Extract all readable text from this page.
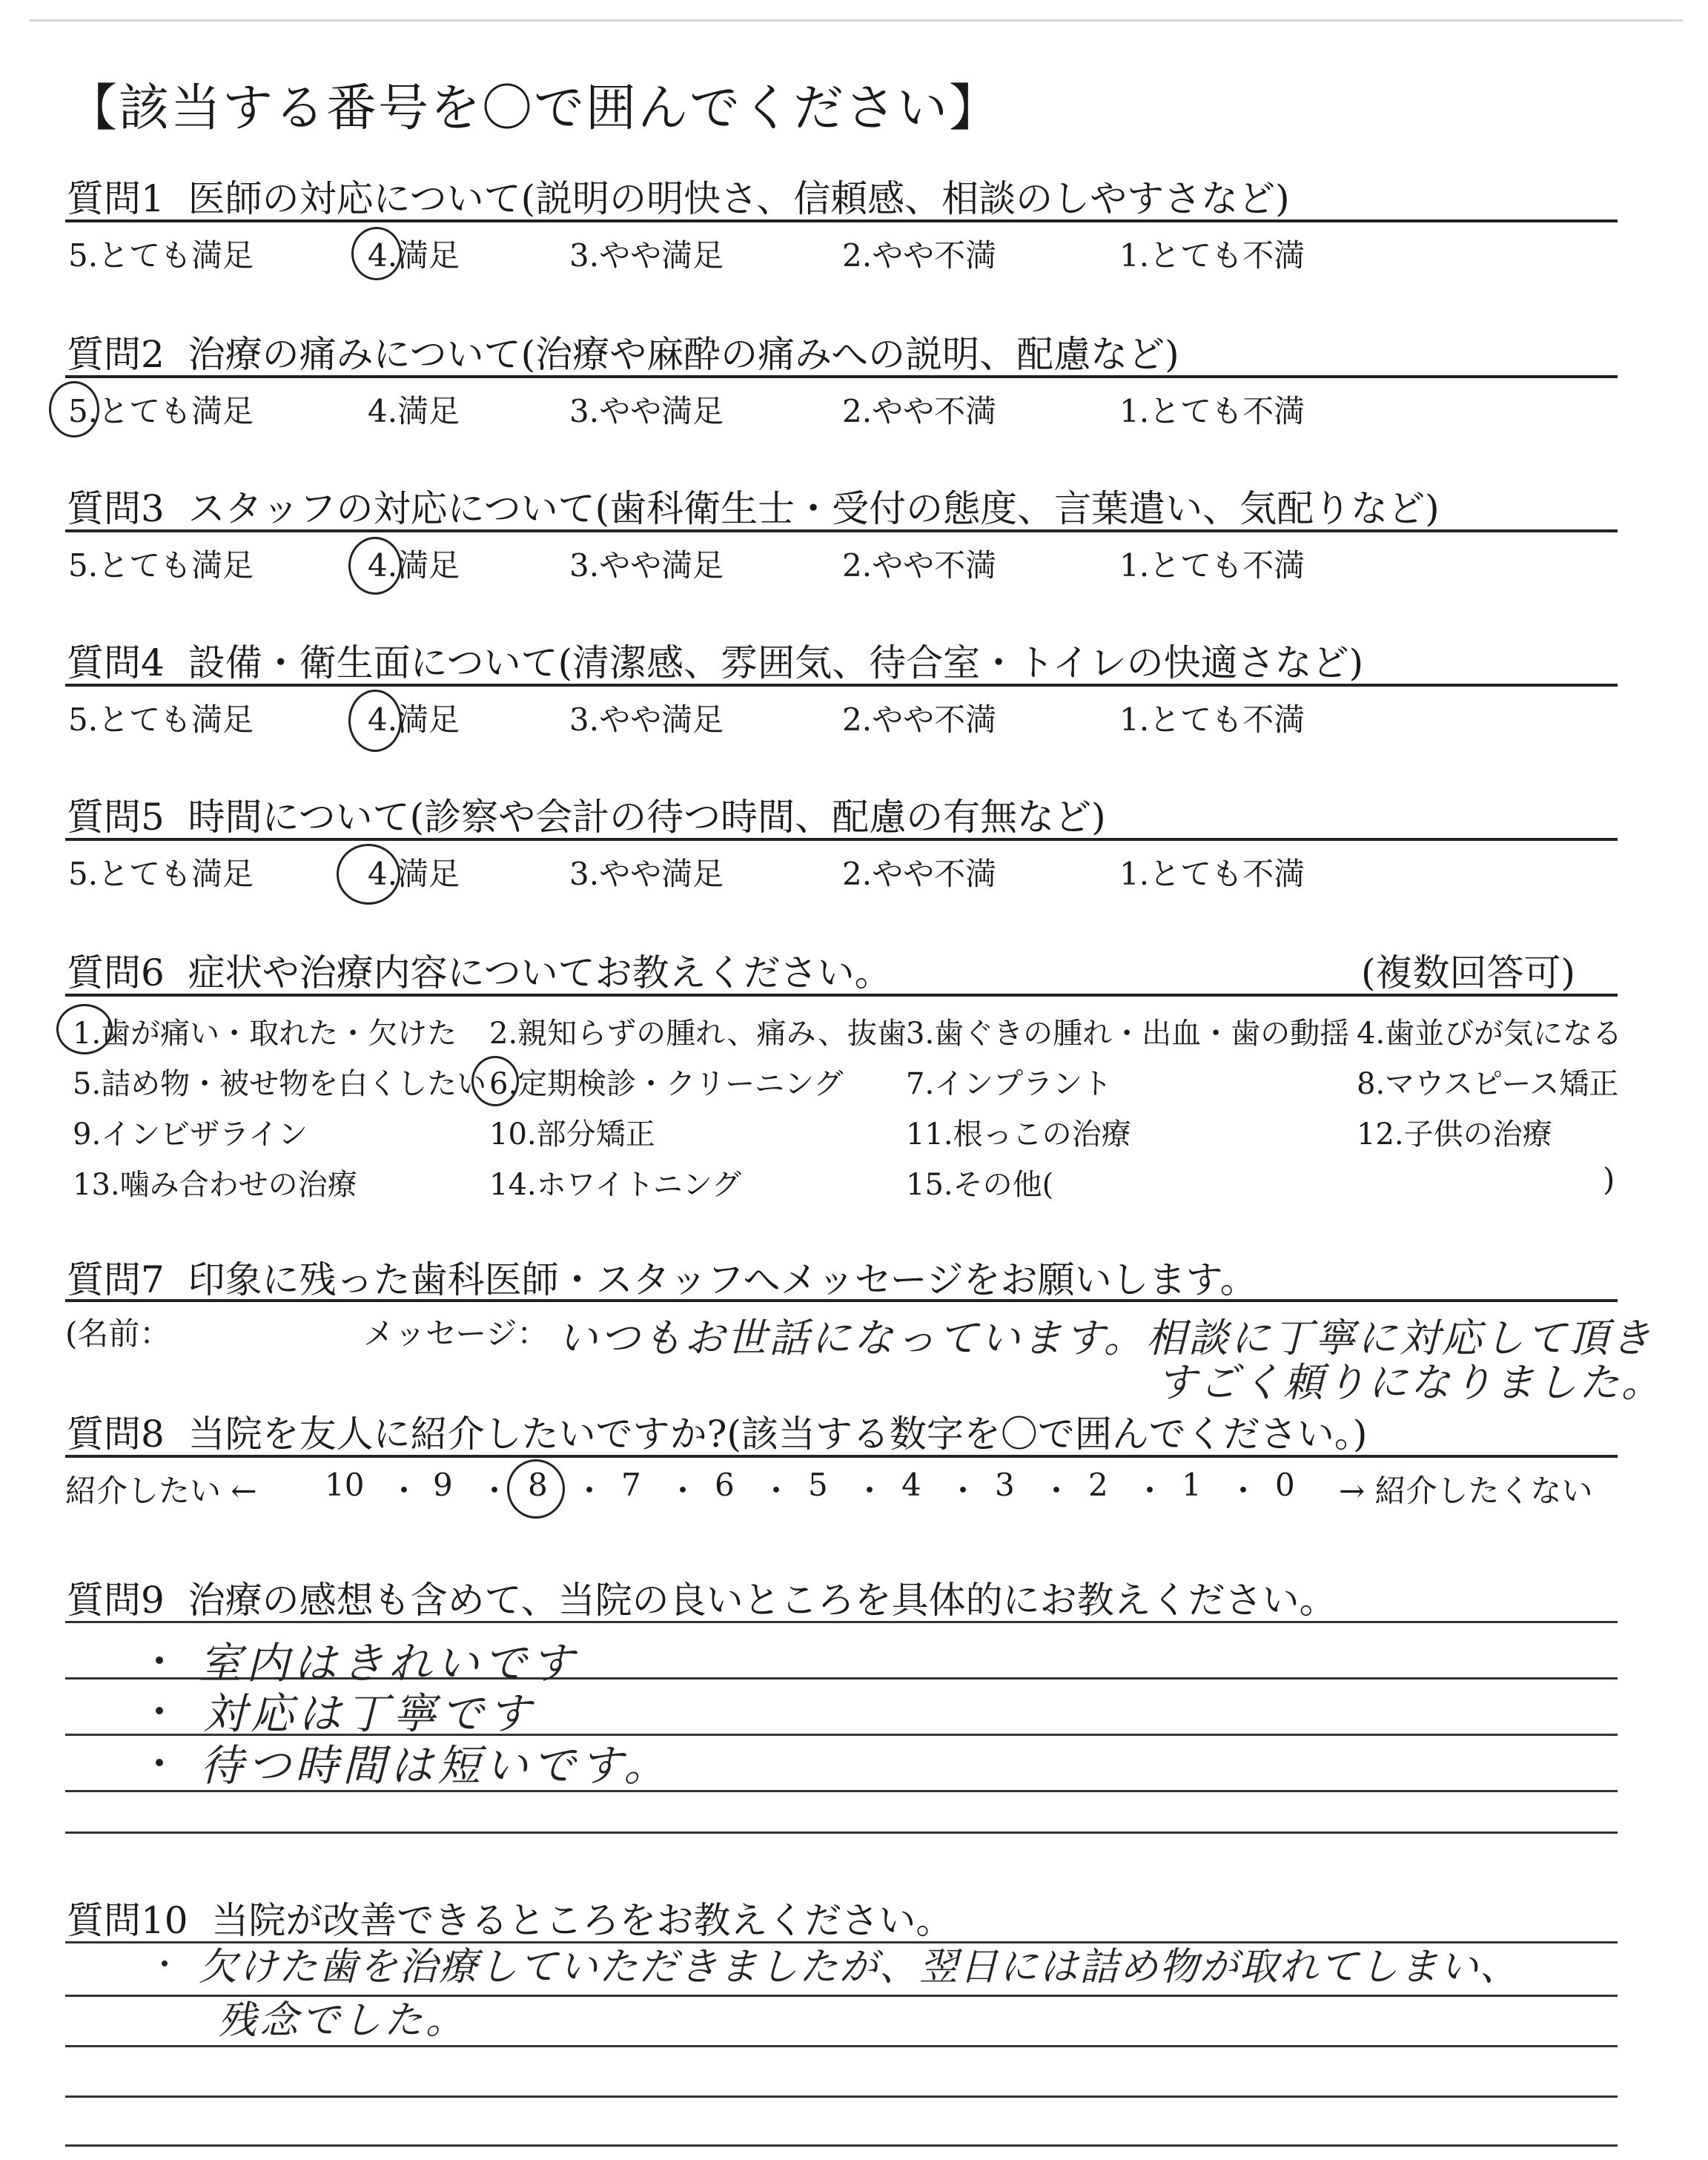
【該当する番号を〇で囲んでください】
質問1 医師の対応について(説明の明快さ、信頼感、相談のしやすさなど)
5.とても満足	4.満足	3.やや満足	2.やや不満	1.とても不満
質問2 治療の痛みについて(治療や麻酔の痛みへの説明、配慮など)
5.とても満足	4.満足	3.やや満足	2.やや不満	1.とても不満
質問3 スタッフの対応について(歯科衛生士・受付の態度、言葉遣い、気配りなど)
5.とても満足	4.満足	3.やや満足	2.やや不満	1.とても不満
質問4 設備・衛生面について(清潔感、雰囲気、待合室・トイレの快適さなど)
5.とても満足	4.満足	3.やや満足	2.やや不満	1.とても不満
質問5 時間について(診察や会計の待つ時間、配慮の有無など)
5.とても満足	4.満足	3.やや満足	2.やや不満	1.とても不満
質問6 症状や治療内容についてお教えください。	(複数回答可)
1.歯が痛い・取れた・欠けた 2.親知らずの腫れ、痛み、抜歯 3.歯ぐきの腫れ・出血・歯の動揺 4.歯並びが気になる
5.詰め物・被せ物を白くしたい 6.定期検診・クリーニング 7.インプラント	8.マウスピース矯正
9.インビザライン	10.部分矯正	11.根っこの治療	12.子供の治療
13.噛み合わせの治療	14.ホワイトニング	15.その他(	)
質問7 印象に残った歯科医師・スタッフへメッセージをお願いします。
(名前：	メッセージ： いつもお世話になっています。相談に丁寧に対応して頂き
すごく頼りになりました。
質問8 当院を友人に紹介したいですか?(該当する数字を〇で囲んでください。)
紹介したい ←	→ 紹介したくない
10 ・ 9 ・ 8 ・ 7 ・ 6 ・ 5 ・ 4 ・ 3 ・ 2 ・ 1 ・ 0
質問9 治療の感想も含めて、当院の良いところを具体的にお教えください。
室内はきれいです
対応は丁寧です
待つ時間は短いです。
質問10 当院が改善できるところをお教えください。
欠けた歯を治療していただきましたが、翌日には詰め物が取れてしまい、
残念でした。
